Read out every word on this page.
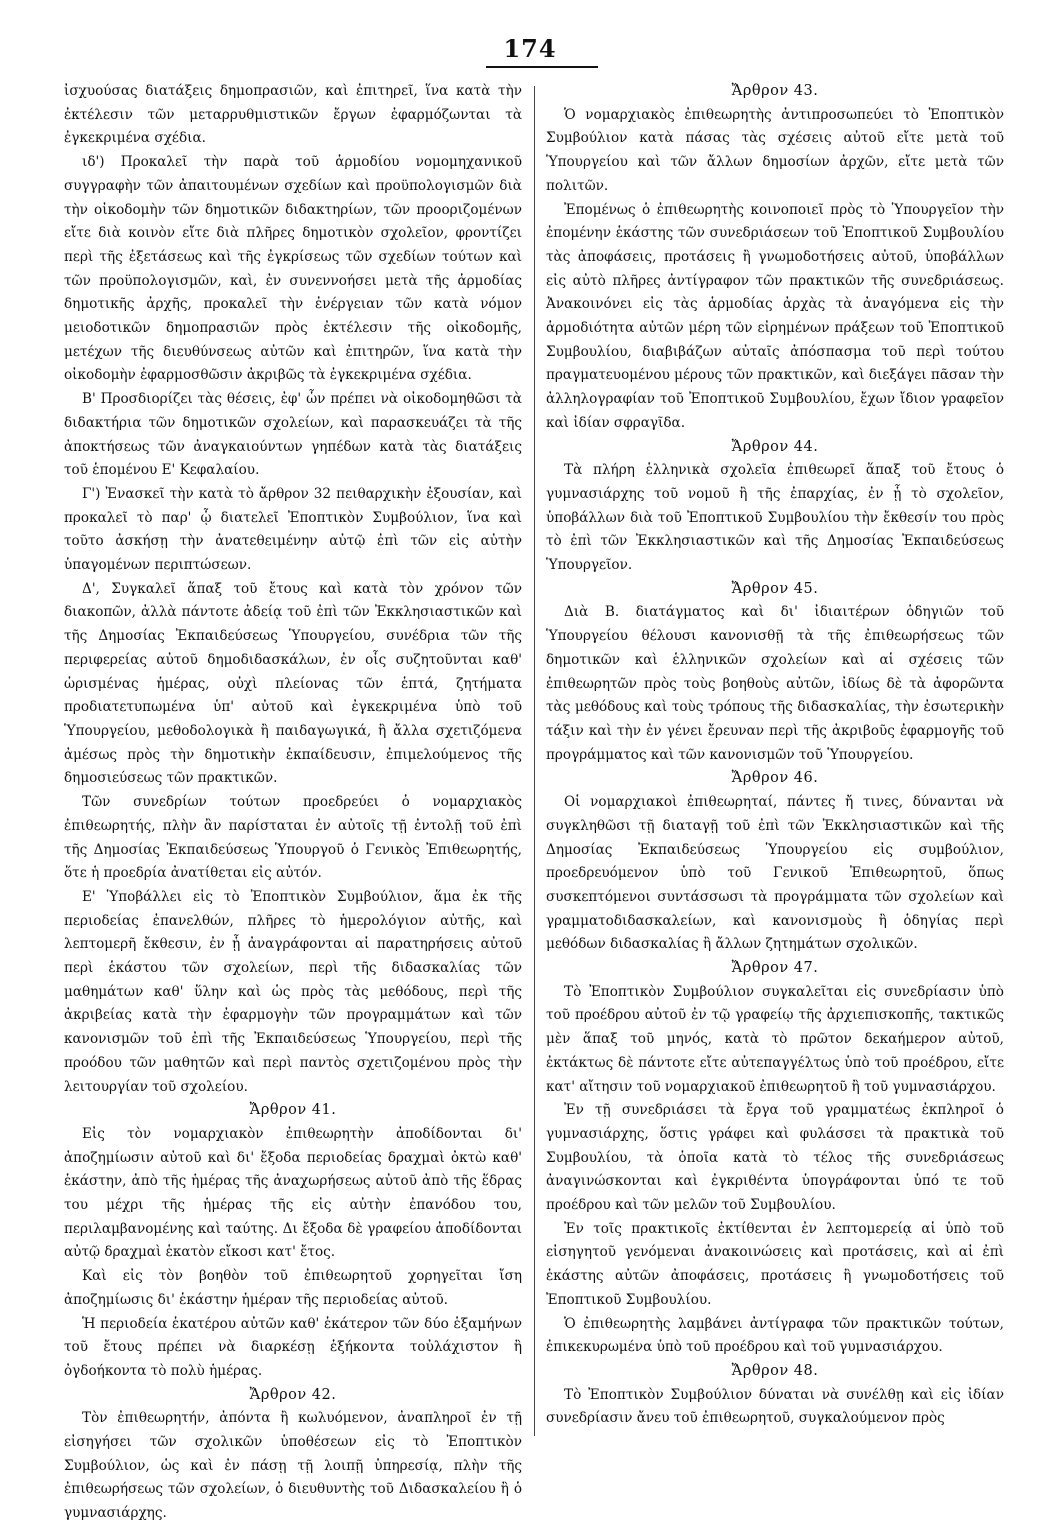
174

ἰσχυούσας διατάξεις δημοπρασιῶν, καὶ ἐπιτηρεῖ, ἵνα κατὰ τὴν ἐκτέλεσιν τῶν μεταρρυθμιστικῶν ἔργων ἐφαρμόζωνται τὰ ἐγκεκριμένα σχέδια.

ιδ') Προκαλεῖ τὴν παρὰ τοῦ ἁρμοδίου νομομηχανικοῦ συγγραφὴν τῶν ἀπαιτουμένων σχεδίων καὶ προϋπολογισμῶν διὰ τὴν οἰκοδομὴν τῶν δημοτικῶν διδακτηρίων, τῶν προοριζομένων εἴτε διὰ κοινὸν εἴτε διὰ πλῆρες δημοτικὸν σχολεῖον, φροντίζει περὶ τῆς ἐξετάσεως καὶ τῆς ἐγκρίσεως τῶν σχεδίων τούτων καὶ τῶν προϋπολογισμῶν, καὶ, ἐν συνεννοήσει μετὰ τῆς ἁρμοδίας δημοτικῆς ἀρχῆς, προκαλεῖ τὴν ἐνέργειαν τῶν κατὰ νόμον μειοδοτικῶν δημοπρασιῶν πρὸς ἐκτέλεσιν τῆς οἰκοδομῆς, μετέχων τῆς διευθύνσεως αὐτῶν καὶ ἐπιτηρῶν, ἵνα κατὰ τὴν οἰκοδομὴν ἐφαρμοσθῶσιν ἀκριβῶς τὰ ἐγκεκριμένα σχέδια.

Β' Προσδιορίζει τὰς θέσεις, ἐφ' ὧν πρέπει νὰ οἰκοδομηθῶσι τὰ διδακτήρια τῶν δημοτικῶν σχολείων, καὶ παρασκευάζει τὰ τῆς ἀποκτήσεως τῶν ἀναγκαιούντων γηπέδων κατὰ τὰς διατάξεις τοῦ ἑπομένου Ε' Κεφαλαίου.

Γ') Ἐνασκεῖ τὴν κατὰ τὸ ἄρθρον 32 πειθαρχικὴν ἐξουσίαν, καὶ προκαλεῖ τὸ παρ' ᾧ διατελεῖ Ἐποπτικὸν Συμβούλιον, ἵνα καὶ τοῦτο ἀσκήσῃ τὴν ἀνατεθειμένην αὐτῷ ἐπὶ τῶν εἰς αὐτὴν ὑπαγομένων περιπτώσεων.

Δ', Συγκαλεῖ ἅπαξ τοῦ ἔτους καὶ κατὰ τὸν χρόνον τῶν διακοπῶν, ἀλλὰ πάντοτε ἀδείᾳ τοῦ ἐπὶ τῶν Ἐκκλησιαστικῶν καὶ τῆς Δημοσίας Ἐκπαιδεύσεως Ὑπουργείου, συνέδρια τῶν τῆς περιφερείας αὐτοῦ δημοδιδασκάλων, ἐν οἷς συζητοῦνται καθ' ὡρισμένας ἡμέρας, οὐχὶ πλείονας τῶν ἑπτά, ζητήματα προδιατετυπωμένα ὑπ' αὐτοῦ καὶ ἐγκεκριμένα ὑπὸ τοῦ Ὑπουργείου, μεθοδολογικὰ ἢ παιδαγωγικά, ἢ ἄλλα σχετιζόμενα ἀμέσως πρὸς τὴν δημοτικὴν ἐκπαίδευσιν, ἐπιμελούμενος τῆς δημοσιεύσεως τῶν πρακτικῶν.

Τῶν συνεδρίων τούτων προεδρεύει ὁ νομαρχιακὸς ἐπιθεωρητής, πλὴν ἂν παρίσταται ἐν αὐτοῖς τῇ ἐντολῇ τοῦ ἐπὶ τῆς Δημοσίας Ἐκπαιδεύσεως Ὑπουργοῦ ὁ Γενικὸς Ἐπιθεωρητής, ὅτε ἡ προεδρία ἀνατίθεται εἰς αὐτόν.

Ε' Ὑποβάλλει εἰς τὸ Ἐποπτικὸν Συμβούλιον, ἅμα ἐκ τῆς περιοδείας ἐπανελθών, πλῆρες τὸ ἡμερολόγιον αὐτῆς, καὶ λεπτομερῆ ἔκθεσιν, ἐν ᾗ ἀναγράφονται αἱ παρατηρήσεις αὐτοῦ περὶ ἑκάστου τῶν σχολείων, περὶ τῆς διδασκαλίας τῶν μαθημάτων καθ' ὕλην καὶ ὡς πρὸς τὰς μεθόδους, περὶ τῆς ἀκριβείας κατὰ τὴν ἐφαρμογὴν τῶν προγραμμάτων καὶ τῶν κανονισμῶν τοῦ ἐπὶ τῆς Ἐκπαιδεύσεως Ὑπουργείου, περὶ τῆς προόδου τῶν μαθητῶν καὶ περὶ παντὸς σχετιζομένου πρὸς τὴν λειτουργίαν τοῦ σχολείου.

Ἄρθρον 41.

Εἰς τὸν νομαρχιακὸν ἐπιθεωρητὴν ἀποδίδονται δι' ἀποζημίωσιν αὐτοῦ καὶ δι' ἔξοδα περιοδείας δραχμαὶ ὀκτὼ καθ' ἑκάστην, ἀπὸ τῆς ἡμέρας τῆς ἀναχωρήσεως αὐτοῦ ἀπὸ τῆς ἕδρας του μέχρι τῆς ἡμέρας τῆς εἰς αὐτὴν ἐπανόδου του, περιλαμβανομένης καὶ ταύτης. Δι ἔξοδα δὲ γραφείου ἀποδίδονται αὐτῷ δραχμαὶ ἑκατὸν εἴκοσι κατ' ἔτος.

Καὶ εἰς τὸν βοηθὸν τοῦ ἐπιθεωρητοῦ χορηγεῖται ἴση ἀποζημίωσις δι' ἑκάστην ἡμέραν τῆς περιοδείας αὐτοῦ.

Ἡ περιοδεία ἑκατέρου αὐτῶν καθ' ἑκάτερον τῶν δύο ἑξαμήνων τοῦ ἔτους πρέπει νὰ διαρκέσῃ ἑξήκοντα τοὐλάχιστον ἢ ὀγδοήκοντα τὸ πολὺ ἡμέρας.

Ἄρθρον 42.

Τὸν ἐπιθεωρητήν, ἀπόντα ἢ κωλυόμενον, ἀναπληροῖ ἐν τῇ εἰσηγήσει τῶν σχολικῶν ὑποθέσεων εἰς τὸ Ἐποπτικὸν Συμβούλιον, ὡς καὶ ἐν πάσῃ τῇ λοιπῇ ὑπηρεσίᾳ, πλὴν τῆς ἐπιθεωρήσεως τῶν σχολείων, ὁ διευθυντὴς τοῦ Διδασκαλείου ἢ ὁ γυμνασιάρχης.

Ἄρθρον 43.

Ὁ νομαρχιακὸς ἐπιθεωρητὴς ἀντιπροσωπεύει τὸ Ἐποπτικὸν Συμβούλιον κατὰ πάσας τὰς σχέσεις αὐτοῦ εἴτε μετὰ τοῦ Ὑπουργείου καὶ τῶν ἄλλων δημοσίων ἀρχῶν, εἴτε μετὰ τῶν πολιτῶν.

Ἐπομένως ὁ ἐπιθεωρητὴς κοινοποιεῖ πρὸς τὸ Ὑπουργεῖον τὴν ἐπομένην ἑκάστης τῶν συνεδριάσεων τοῦ Ἐποπτικοῦ Συμβουλίου τὰς ἀποφάσεις, προτάσεις ἢ γνωμοδοτήσεις αὐτοῦ, ὑποβάλλων εἰς αὐτὸ πλῆρες ἀντίγραφον τῶν πρακτικῶν τῆς συνεδριάσεως. Ἀνακοινόνει εἰς τὰς ἁρμοδίας ἀρχὰς τὰ ἀναγόμενα εἰς τὴν ἁρμοδιότητα αὐτῶν μέρη τῶν εἰρημένων πράξεων τοῦ Ἐποπτικοῦ Συμβουλίου, διαβιβάζων αὐταῖς ἀπόσπασμα τοῦ περὶ τούτου πραγματευομένου μέρους τῶν πρακτικῶν, καὶ διεξάγει πᾶσαν τὴν ἀλληλογραφίαν τοῦ Ἐποπτικοῦ Συμβουλίου, ἔχων ἴδιον γραφεῖον καὶ ἰδίαν σφραγῖδα.

Ἄρθρον 44.

Τὰ πλήρη ἑλληνικὰ σχολεῖα ἐπιθεωρεῖ ἅπαξ τοῦ ἔτους ὁ γυμνασιάρχης τοῦ νομοῦ ἢ τῆς ἐπαρχίας, ἐν ᾗ τὸ σχολεῖον, ὑποβάλλων διὰ τοῦ Ἐποπτικοῦ Συμβουλίου τὴν ἔκθεσίν του πρὸς τὸ ἐπὶ τῶν Ἐκκλησιαστικῶν καὶ τῆς Δημοσίας Ἐκπαιδεύσεως Ὑπουργεῖον.

Ἄρθρον 45.

Διὰ Β. διατάγματος καὶ δι' ἰδιαιτέρων ὁδηγιῶν τοῦ Ὑπουργείου θέλουσι κανονισθῇ τὰ τῆς ἐπιθεωρήσεως τῶν δημοτικῶν καὶ ἑλληνικῶν σχολείων καὶ αἱ σχέσεις τῶν ἐπιθεωρητῶν πρὸς τοὺς βοηθοὺς αὐτῶν, ἰδίως δὲ τὰ ἀφορῶντα τὰς μεθόδους καὶ τοὺς τρόπους τῆς διδασκαλίας, τὴν ἐσωτερικὴν τάξιν καὶ τὴν ἐν γένει ἔρευναν περὶ τῆς ἀκριβοῦς ἐφαρμογῆς τοῦ προγράμματος καὶ τῶν κανονισμῶν τοῦ Ὑπουργείου.

Ἄρθρον 46.

Οἱ νομαρχιακοὶ ἐπιθεωρηταί, πάντες ἤ τινες, δύνανται νὰ συγκληθῶσι τῇ διαταγῇ τοῦ ἐπὶ τῶν Ἐκκλησιαστικῶν καὶ τῆς Δημοσίας Ἐκπαιδεύσεως Ὑπουργείου εἰς συμβούλιον, προεδρευόμενον ὑπὸ τοῦ Γενικοῦ Ἐπιθεωρητοῦ, ὅπως συσκεπτόμενοι συντάσσωσι τὰ προγράμματα τῶν σχολείων καὶ γραμματοδιδασκαλείων, καὶ κανονισμοὺς ἢ ὁδηγίας περὶ μεθόδων διδασκαλίας ἢ ἄλλων ζητημάτων σχολικῶν.

Ἄρθρον 47.

Τὸ Ἐποπτικὸν Συμβούλιον συγκαλεῖται εἰς συνεδρίασιν ὑπὸ τοῦ προέδρου αὐτοῦ ἐν τῷ γραφείῳ τῆς ἀρχιεπισκοπῆς, τακτικῶς μὲν ἅπαξ τοῦ μηνός, κατὰ τὸ πρῶτον δεκαήμερον αὐτοῦ, ἐκτάκτως δὲ πάντοτε εἴτε αὐτεπαγγέλτως ὑπὸ τοῦ προέδρου, εἴτε κατ' αἴτησιν τοῦ νομαρχιακοῦ ἐπιθεωρητοῦ ἢ τοῦ γυμνασιάρχου.

Ἐν τῇ συνεδριάσει τὰ ἔργα τοῦ γραμματέως ἐκπληροῖ ὁ γυμνασιάρχης, ὅστις γράφει καὶ φυλάσσει τὰ πρακτικὰ τοῦ Συμβουλίου, τὰ ὁποῖα κατὰ τὸ τέλος τῆς συνεδριάσεως ἀναγινώσκονται καὶ ἐγκριθέντα ὑπογράφονται ὑπό τε τοῦ προέδρου καὶ τῶν μελῶν τοῦ Συμβουλίου.

Ἐν τοῖς πρακτικοῖς ἐκτίθενται ἐν λεπτομερείᾳ αἱ ὑπὸ τοῦ εἰσηγητοῦ γενόμεναι ἀνακοινώσεις καὶ προτάσεις, καὶ αἱ ἐπὶ ἑκάστης αὐτῶν ἀποφάσεις, προτάσεις ἢ γνωμοδοτήσεις τοῦ Ἐποπτικοῦ Συμβουλίου.

Ὁ ἐπιθεωρητὴς λαμβάνει ἀντίγραφα τῶν πρακτικῶν τούτων, ἐπικεκυρωμένα ὑπὸ τοῦ προέδρου καὶ τοῦ γυμνασιάρχου.

Ἄρθρον 48.

Τὸ Ἐποπτικὸν Συμβούλιον δύναται νὰ συνέλθῃ καὶ εἰς ἰδίαν συνεδρίασιν ἄνευ τοῦ ἐπιθεωρητοῦ, συγκαλούμενον πρὸς
